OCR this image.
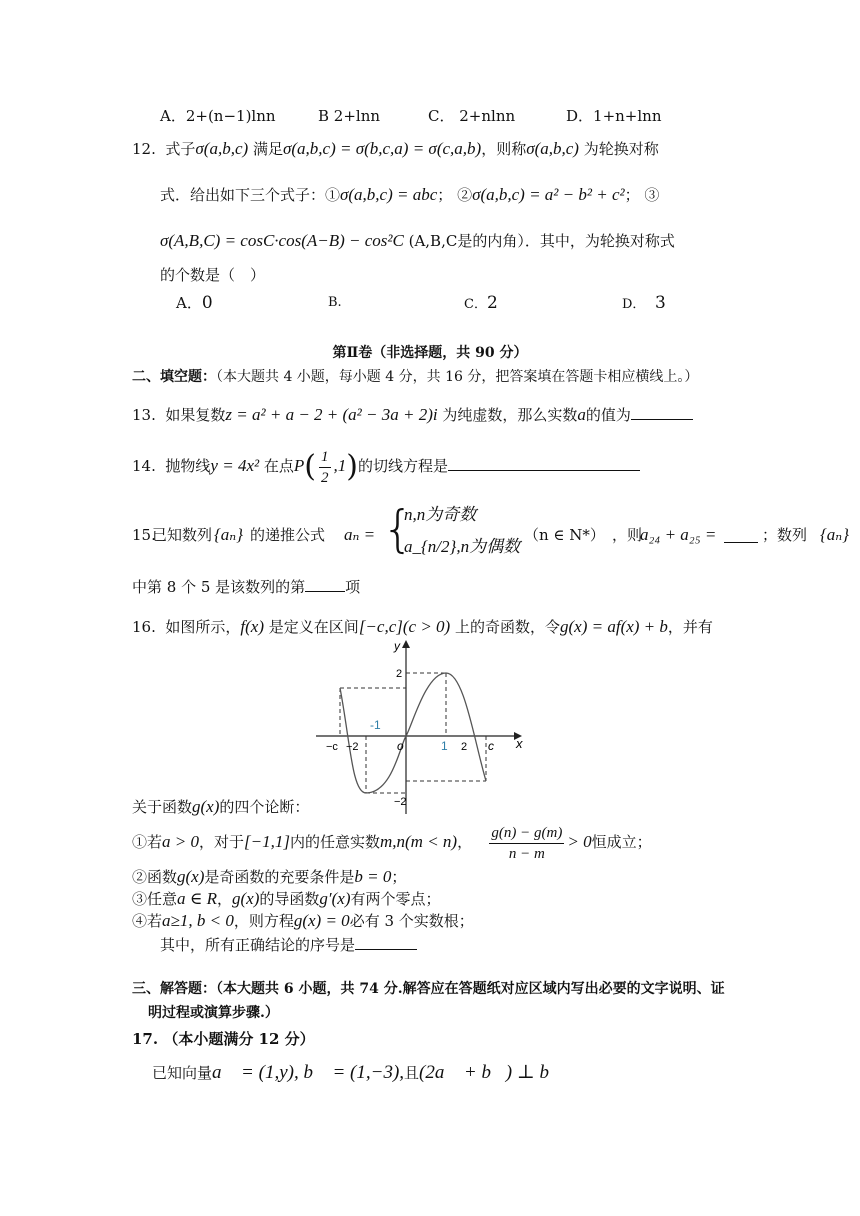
A．2+(n−1)lnn	B 2+lnn	C． 2+nlnn	D．1+n+lnn
12. 式子σ(a,b,c) 满足σ(a,b,c) = σ(b,c,a) = σ(c,a,b)，则称σ(a,b,c) 为轮换对称
式．给出如下三个式子：①σ(a,b,c) = abc； ②σ(a,b,c) = a² − b² + c²； ③
σ(A,B,C) = cosC·cos(A−B) − cos²C (A,B,C是的内角）．其中，为轮换对称式
的个数是（　）
A．0	B.	C．2	D． 3
第Ⅱ卷（非选择题，共 90 分）
二、填空题：（本大题共 4 小题，每小题 4 分，共 16 分，把答案填在答题卡相应横线上。）
13. 如果复数z = a² + a − 2 + (a² − 3a + 2)i 为纯虚数，那么实数a的值为
14. 抛物线y = 4x² 在点$P( \frac{1}{2} ,1)$的切线方程是
15.
已知数列 {aₙ} 的递推公式 aₙ = {
n,n为奇数
a_{n/2},n为偶数
（n ∈ N*） ，则
a₂₄ + a₂₅ =	；数列 {aₙ}
中第 8 个 5 是该数列的第	项
16. 如图所示，f(x) 是定义在区间[−c,c](c > 0) 上的奇函数，令g(x) = af(x) + b，并有
y
x
o
−c −2
-1
1 2 c
2
−2
关于函数g(x)的四个论断：
①若a > 0，对于[−1,1]内的任意实数m,n(m < n)， $\frac{g(n) - g(m)}{n - m} > 0$恒成立；
②函数g(x)是奇函数的充要条件是b = 0；
③任意a ∈ R，g(x)的导函数g′(x)有两个零点；
④若a≥1, b < 0，则方程g(x) = 0必有 3 个实数根；
其中，所有正确结论的序号是
三、解答题：（本大题共 6 小题，共 74 分.解答应在答题纸对应区域内写出必要的文字说明、证
明过程或演算步骤.）
17. （本小题满分 12 分）
已知向量a⃗ = (1,y), b⃗ = (1,−3),且(2a⃗ + b⃗) ⊥ b⃗
